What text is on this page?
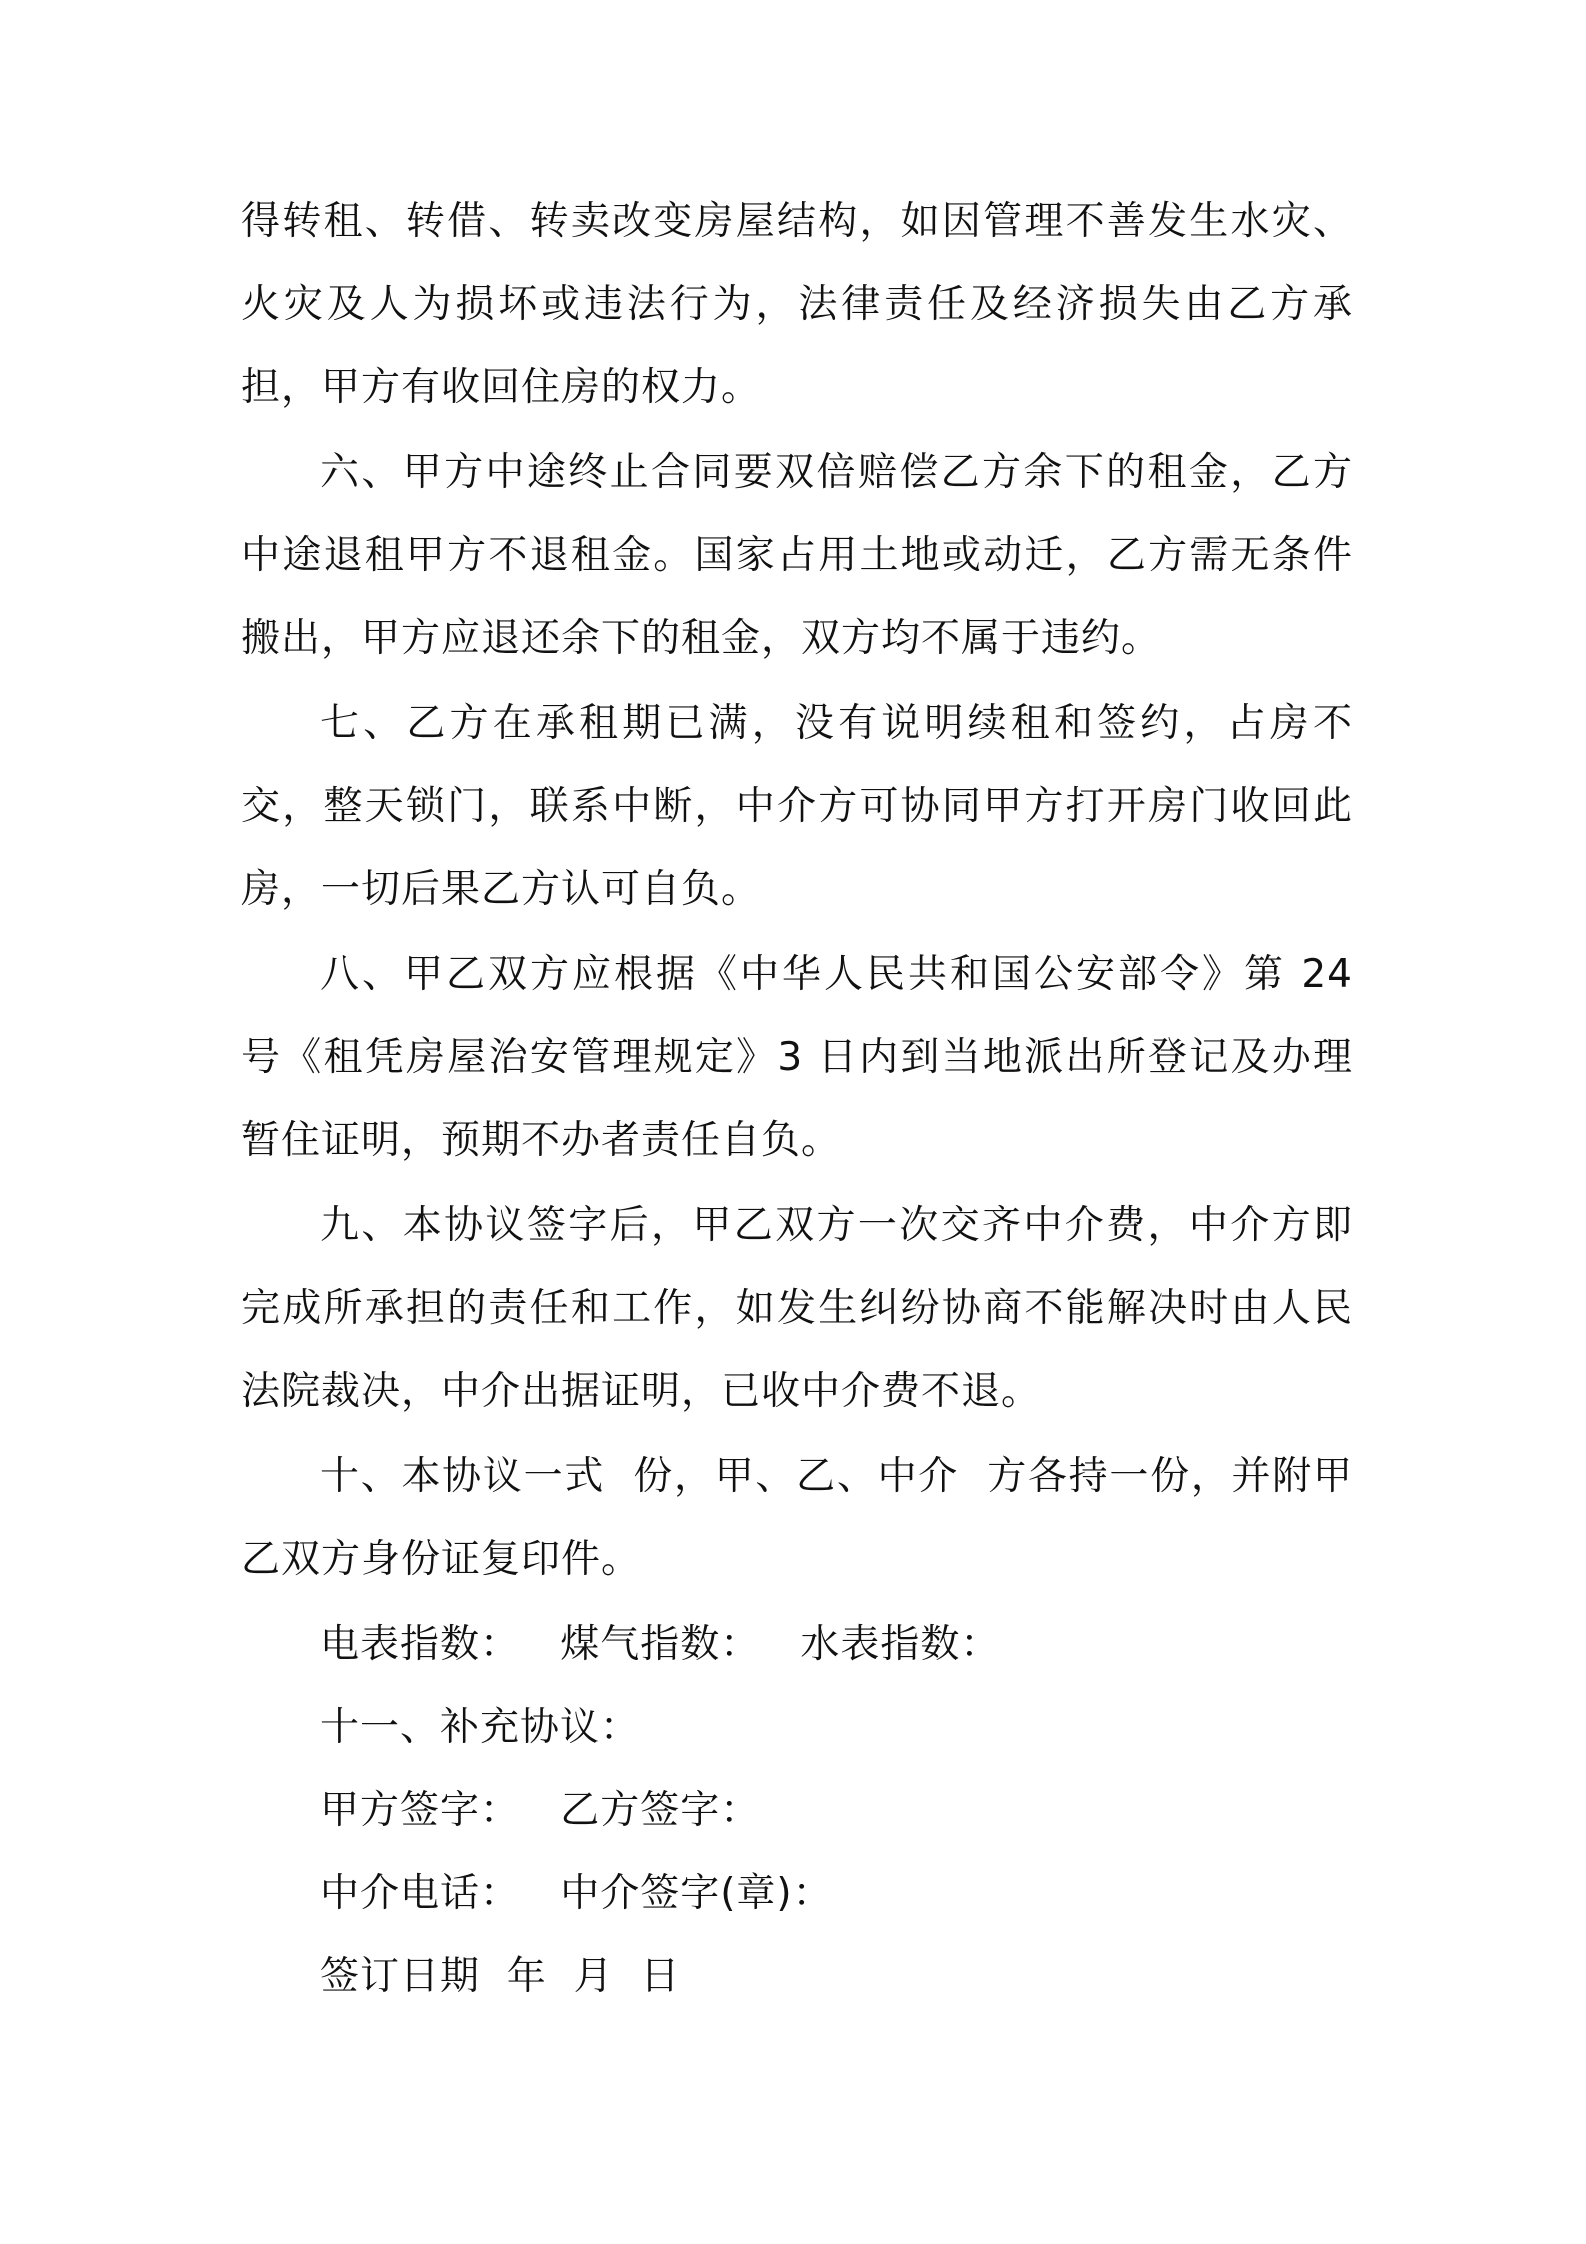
得转租、转借、转卖改变房屋结构，如因管理不善发生水灾、火灾及人为损坏或违法行为，法律责任及经济损失由乙方承担，甲方有收回住房的权力。

六、甲方中途终止合同要双倍赔偿乙方余下的租金，乙方中途退租甲方不退租金。国家占用土地或动迁，乙方需无条件搬出，甲方应退还余下的租金，双方均不属于违约。

七、乙方在承租期已满，没有说明续租和签约，占房不交，整天锁门，联系中断，中介方可协同甲方打开房门收回此房，一切后果乙方认可自负。

八、甲乙双方应根据《中华人民共和国公安部令》第 24 号《租凭房屋治安管理规定》3 日内到当地派出所登记及办理暂住证明，预期不办者责任自负。

九、本协议签字后，甲乙双方一次交齐中介费，中介方即完成所承担的责任和工作，如发生纠纷协商不能解决时由人民法院裁决，中介出据证明，已收中介费不退。

十、本协议一式  份，甲、乙、中介  方各持一份，并附甲乙双方身份证复印件。

电表指数：   煤气指数：   水表指数：

十一、补充协议：

甲方签字：   乙方签字：

中介电话：   中介签字(章)：

签订日期  年  月  日
